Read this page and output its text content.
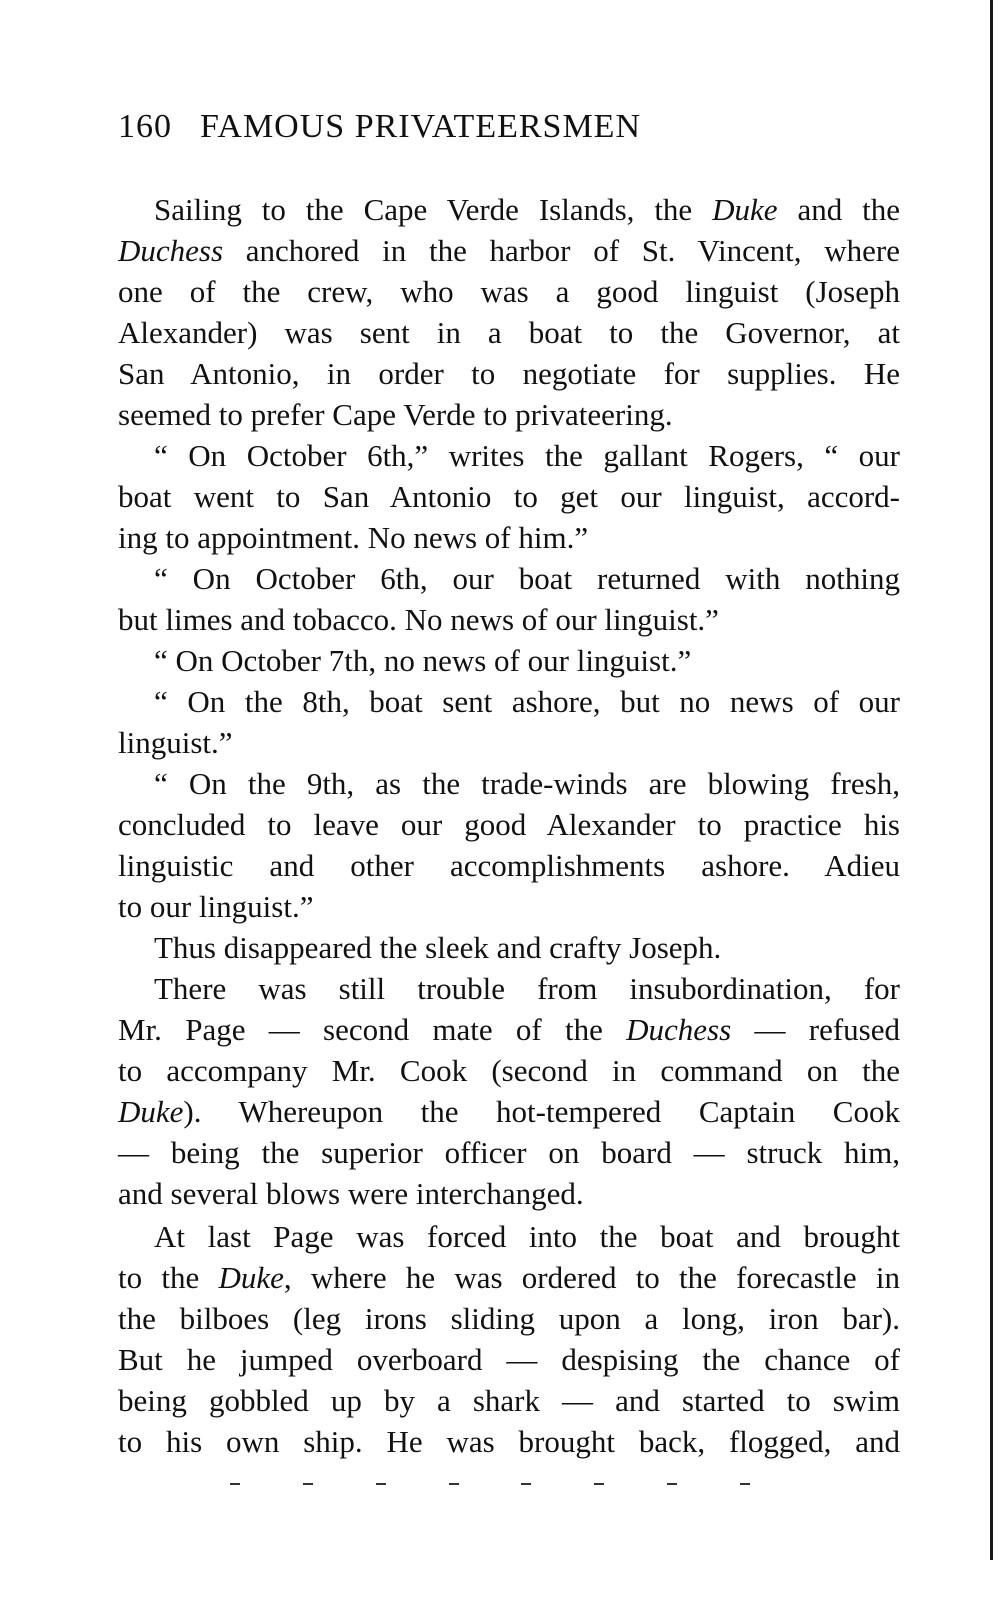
160 FAMOUS PRIVATEERSMEN
Sailing to the Cape Verde Islands, the Duke and the
Duchess anchored in the harbor of St. Vincent, where
one of the crew, who was a good linguist (Joseph
Alexander) was sent in a boat to the Governor, at
San Antonio, in order to negotiate for supplies. He
seemed to prefer Cape Verde to privateering.
“ On October 6th,” writes the gallant Rogers, “ our
boat went to San Antonio to get our linguist, accord-
ing to appointment. No news of him.”
“ On October 6th, our boat returned with nothing
but limes and tobacco. No news of our linguist.”
“ On October 7th, no news of our linguist.”
“ On the 8th, boat sent ashore, but no news of our
linguist.”
“ On the 9th, as the trade-winds are blowing fresh,
concluded to leave our good Alexander to practice his
linguistic and other accomplishments ashore. Adieu
to our linguist.”
Thus disappeared the sleek and crafty Joseph.
There was still trouble from insubordination, for
Mr. Page — second mate of the Duchess — refused
to accompany Mr. Cook (second in command on the
Duke). Whereupon the hot-tempered Captain Cook
— being the superior officer on board — struck him,
and several blows were interchanged.
At last Page was forced into the boat and brought
to the Duke, where he was ordered to the forecastle in
the bilboes (leg irons sliding upon a long, iron bar).
But he jumped overboard — despising the chance of
being gobbled up by a shark — and started to swim
to his own ship. He was brought back, flogged, and
